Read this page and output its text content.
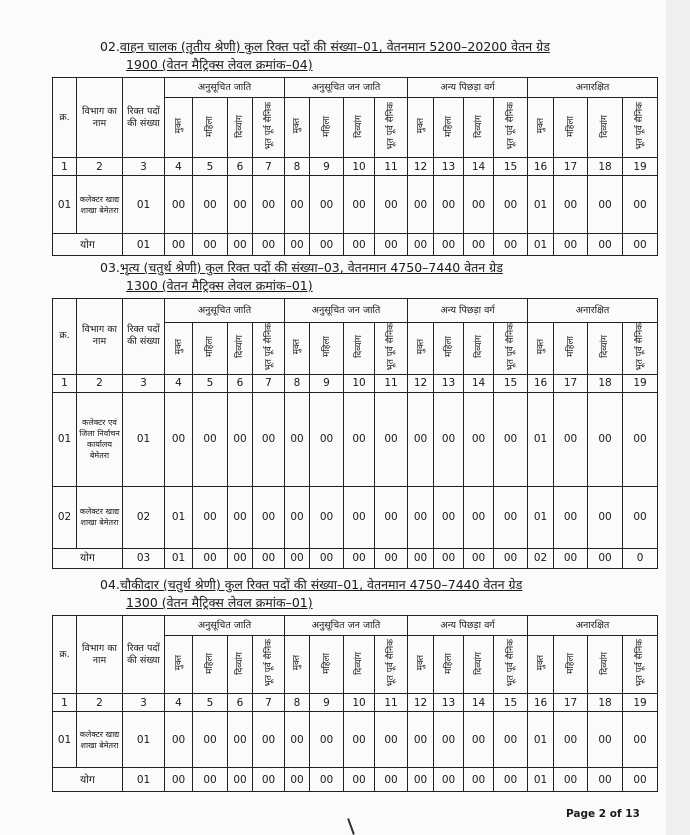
02.वाहन चालक (तृतीय श्रेणी) कुल रिक्त पदों की संख्या–01, वेतनमान 5200–20200 वेतन ग्रेड
1900 (वेतन मैट्रिक्स लेवल क्रमांक–04)
क्र.	विभाग का नाम	रिक्त पदों की संख्या	अनुसूचित जाति				अनुसूचित जन जाति				अन्य पिछड़ा वर्ग				अनारक्षित			
			मुक्त	महिला	दिव्यांग	भूत पूर्व सैनिक	मुक्त	महिला	दिव्यांग	भूत पूर्व सैनिक	मुक्त	महिला	दिव्यांग	भूत पूर्व सैनिक	मुक्त	महिला	दिव्यांग	भूत पूर्व सैनिक
1	2	3	4	5	6	7	8	9	10	11	12	13	14	15	16	17	18	19
01	कलेक्टर खाद्य शाखा बेमेतरा	01	00	00	00	00	00	00	00	00	00	00	00	00	01	00	00	00
योग		01	00	00	00	00	00	00	00	00	00	00	00	00	01	00	00	00
03.भृत्य (चतुर्थ श्रेणी) कुल रिक्त पदों की संख्या–03, वेतनमान 4750–7440 वेतन ग्रेड
1300 (वेतन मैट्रिक्स लेवल क्रमांक–01)
क्र.	विभाग का नाम	रिक्त पदों की संख्या	अनुसूचित जाति				अनुसूचित जन जाति				अन्य पिछड़ा वर्ग				अनारक्षित			
			मुक्त	महिला	दिव्यांग	भूत पूर्व सैनिक	मुक्त	महिला	दिव्यांग	भूत पूर्व सैनिक	मुक्त	महिला	दिव्यांग	भूत पूर्व सैनिक	मुक्त	महिला	दिव्यांग	भूत पूर्व सैनिक
1	2	3	4	5	6	7	8	9	10	11	12	13	14	15	16	17	18	19
01	कलेक्टर एवं जिला निर्वाचन कार्यालय बेमेतरा	01	00	00	00	00	00	00	00	00	00	00	00	00	01	00	00	00
02	कलेक्टर खाद्य शाखा बेमेतरा	02	01	00	00	00	00	00	00	00	00	00	00	00	01	00	00	00
योग		03	01	00	00	00	00	00	00	00	00	00	00	00	02	00	00	0
04.चौकीदार (चतुर्थ श्रेणी) कुल रिक्त पदों की संख्या–01, वेतनमान 4750–7440 वेतन ग्रेड
1300 (वेतन मैट्रिक्स लेवल क्रमांक–01)
क्र.	विभाग का नाम	रिक्त पदों की संख्या	अनुसूचित जाति				अनुसूचित जन जाति				अन्य पिछड़ा वर्ग				अनारक्षित			
			मुक्त	महिला	दिव्यांग	भूत पूर्व सैनिक	मुक्त	महिला	दिव्यांग	भूत पूर्व सैनिक	मुक्त	महिला	दिव्यांग	भूत पूर्व सैनिक	मुक्त	महिला	दिव्यांग	भूत पूर्व सैनिक
1	2	3	4	5	6	7	8	9	10	11	12	13	14	15	16	17	18	19
01	कलेक्टर खाद्य शाखा बेमेतरा	01	00	00	00	00	00	00	00	00	00	00	00	00	01	00	00	00
योग		01	00	00	00	00	00	00	00	00	00	00	00	00	01	00	00	00
Page 2 of 13
